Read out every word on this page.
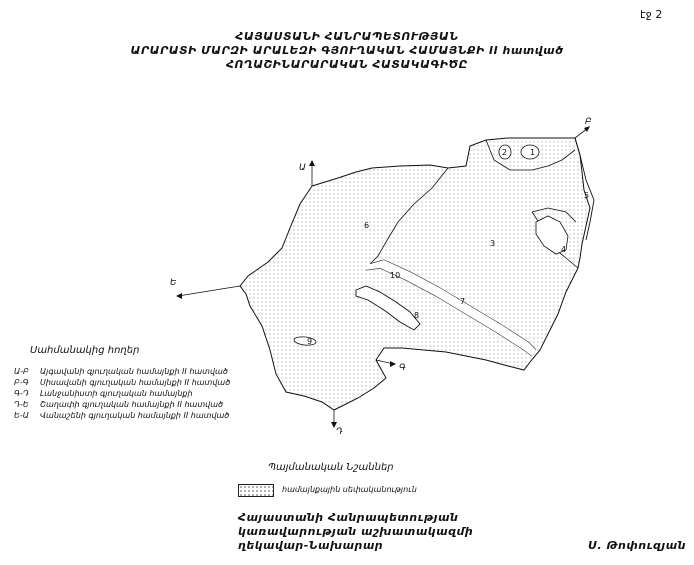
էջ 2
ՀԱՅԱՍՏԱՆԻ ՀԱՆՐԱՊԵՏՈՒԹՅԱՆ
ԱՐԱՐԱՏԻ ՄԱՐԶԻ ԱՐԱԼԵԶԻ ԳՅՈՒՂԱԿԱՆ ՀԱՄԱՅՆՔԻ II հատված
ՀՈՂԱՇԻՆԱՐԱՐԱԿԱՆ ՀԱՏԱԿԱԳԻԾԸ
1
2
3
4
5
6
7
8
9
10
Ա
Բ
Ե
Գ
Դ
Սահմանակից հողեր
Ա-Բ Այգավանի գյուղական համայնքի II հատված
Բ-Գ Սիսավանի գյուղական համայնքի II հատված
Գ-Դ Լանջանիստի գյուղական համայնքի
Դ-Ե Շաղափի գյուղական համայնքի II հատված
Ե-Ա Վանաշենի գյուղական համայնքի II հատված
Պայմանական Նշաններ
համայնքային սեփականություն
Հայաստանի Հանրապետության
կառավարության աշխատակազմի
ղեկավար-Նախարար	Ս. Թոփուզյան
